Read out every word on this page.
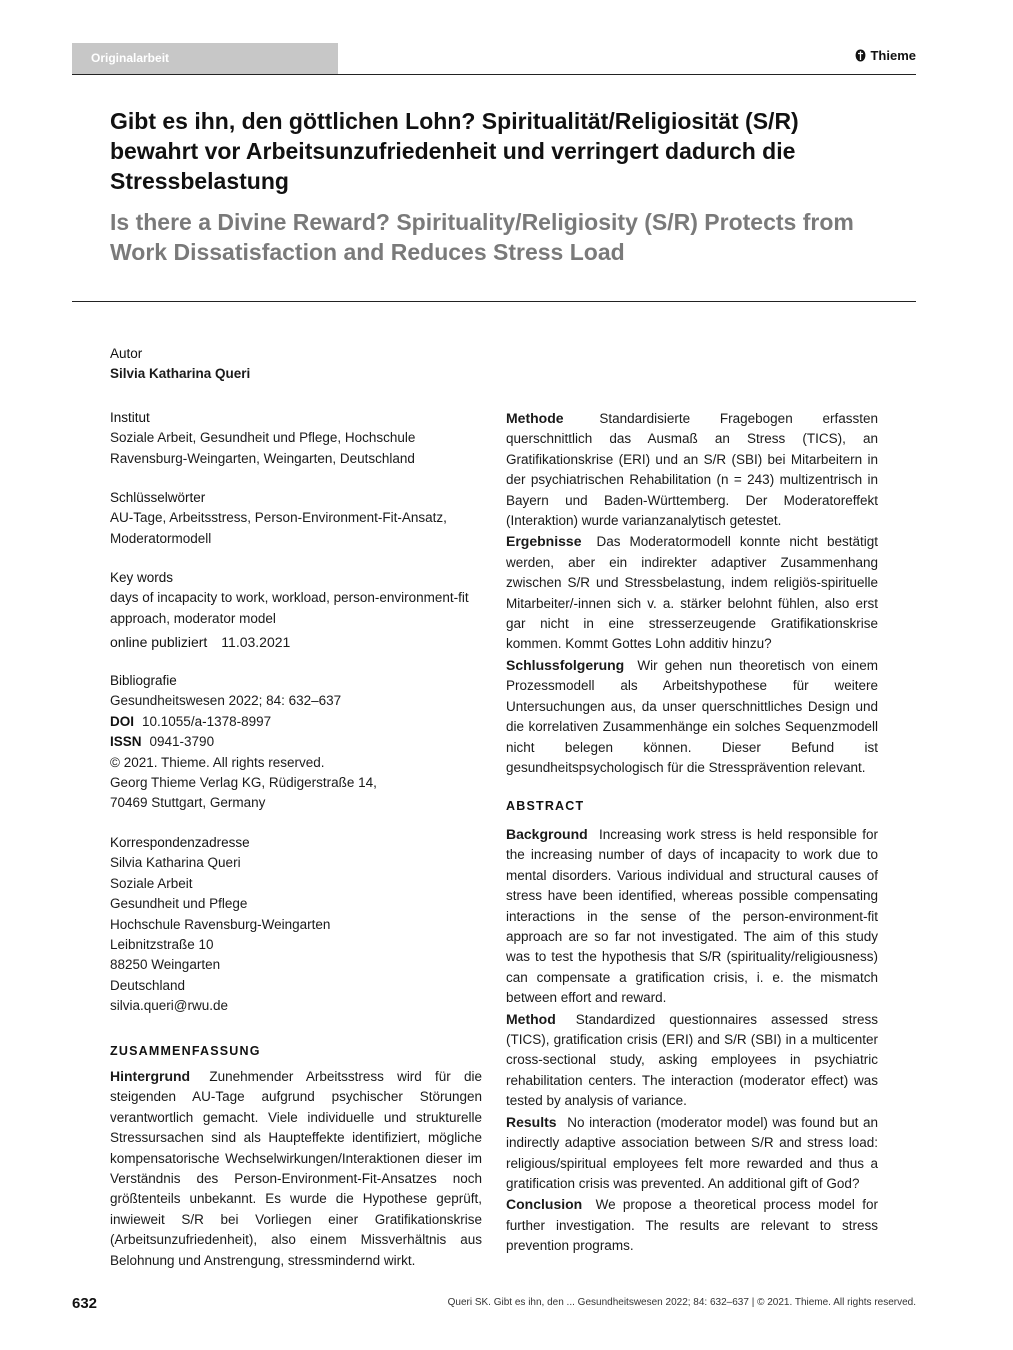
Originalarbeit	Thieme
Gibt es ihn, den göttlichen Lohn? Spiritualität/Religiosität (S/R) bewahrt vor Arbeitsunzufriedenheit und verringert dadurch die Stressbelastung
Is there a Divine Reward? Spirituality/Religiosity (S/R) Protects from Work Dissatisfaction and Reduces Stress Load
Autor
Silvia Katharina Queri
Institut
Soziale Arbeit, Gesundheit und Pflege, Hochschule
Ravensburg-Weingarten, Weingarten, Deutschland
Schlüsselwörter
AU-Tage, Arbeitsstress, Person-Environment-Fit-Ansatz,
Moderatormodell
Key words
days of incapacity to work, workload, person-environment-fit
approach, moderator model
online publiziert 11.03.2021
Bibliografie
Gesundheitswesen 2022; 84: 632–637
DOI 10.1055/a-1378-8997
ISSN 0941-3790
© 2021. Thieme. All rights reserved.
Georg Thieme Verlag KG, Rüdigerstraße 14,
70469 Stuttgart, Germany
Korrespondenzadresse
Silvia Katharina Queri
Soziale Arbeit
Gesundheit und Pflege
Hochschule Ravensburg-Weingarten
Leibnitzstraße 10
88250 Weingarten
Deutschland
silvia.queri@rwu.de
ZUSAMMENFASSUNG
Hintergrund Zunehmender Arbeitsstress wird für die steigenden AU-Tage aufgrund psychischer Störungen verantwortlich gemacht. Viele individuelle und strukturelle Stressursachen sind als Haupteffekte identifiziert, mögliche kompensatorische Wechselwirkungen/Interaktionen dieser im Verständnis des Person-Environment-Fit-Ansatzes noch größtenteils unbekannt. Es wurde die Hypothese geprüft, inwieweit S/R bei Vorliegen einer Gratifikationskrise (Arbeitsunzufriedenheit), also einem Missverhältnis aus Belohnung und Anstrengung, stressmindernd wirkt.
Methode	Standardisierte Fragebogen erfassten querschnittlich das Ausmaß an Stress (TICS), an Gratifikationskrise (ERI) und an S/R (SBI) bei Mitarbeitern in der psychiatrischen Rehabilitation (n = 243) multizentrisch in Bayern und Baden-Württemberg. Der Moderatoreffekt (Interaktion) wurde varianzanalytisch getestet.
Ergebnisse Das Moderatormodell konnte nicht bestätigt werden, aber ein indirekter adaptiver Zusammenhang zwischen S/R und Stressbelastung, indem religiös-spirituelle Mitarbeiter/-innen sich v. a. stärker belohnt fühlen, also erst gar nicht in eine stresserzeugende Gratifikationskrise kommen. Kommt Gottes Lohn additiv hinzu?
Schlussfolgerung Wir gehen nun theoretisch von einem Prozessmodell als Arbeitshypothese für weitere Untersuchungen aus, da unser querschnittliches Design und die korrelativen Zusammenhänge ein solches Sequenzmodell nicht belegen können. Dieser Befund ist gesundheitspsychologisch für die Stressprävention relevant.
ABSTRACT
Background Increasing work stress is held responsible for the increasing number of days of incapacity to work due to mental disorders. Various individual and structural causes of stress have been identified, whereas possible compensating interactions in the sense of the person-environment-fit approach are so far not investigated. The aim of this study was to test the hypothesis that S/R (spirituality/religiousness) can compensate a gratification crisis, i. e. the mismatch between effort and reward.
Method Standardized questionnaires assessed stress (TICS), gratification crisis (ERI) and S/R (SBI) in a multicenter cross-sectional study, asking employees in psychiatric rehabilitation centers. The interaction (moderator effect) was tested by analysis of variance.
Results No interaction (moderator model) was found but an indirectly adaptive association between S/R and stress load: religious/spiritual employees felt more rewarded and thus a gratification crisis was prevented. An additional gift of God?
Conclusion We propose a theoretical process model for further investigation. The results are relevant to stress prevention programs.
632	Queri SK. Gibt es ihn, den ... Gesundheitswesen 2022; 84: 632–637 | © 2021. Thieme. All rights reserved.
